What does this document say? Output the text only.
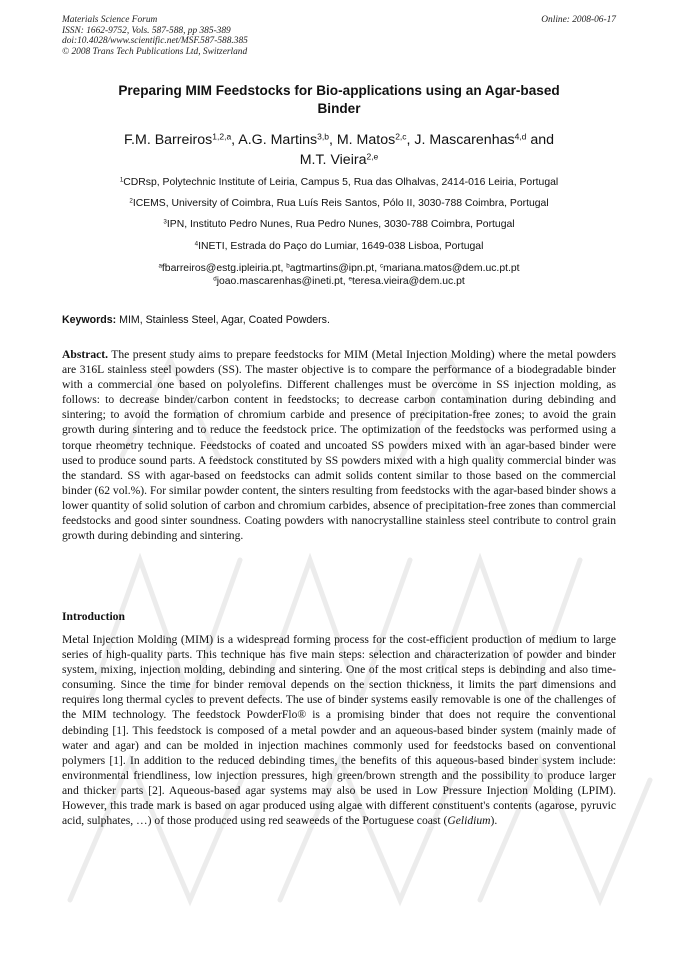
Materials Science Forum
ISSN: 1662-9752, Vols. 587-588, pp 385-389
doi:10.4028/www.scientific.net/MSF.587-588.385
© 2008 Trans Tech Publications Ltd, Switzerland
Online: 2008-06-17
Preparing MIM Feedstocks for Bio-applications using an Agar-based
Binder
F.M. Barreiros$^{1,2,a}$, A.G. Martins$^{3,b}$, M. Matos$^{2,c}$, J. Mascarenhas$^{4,d}$ and
M.T. Vieira$^{2,e}$
$^1$CDRsp, Polytechnic Institute of Leiria, Campus 5, Rua das Olhalvas, 2414-016 Leiria, Portugal
$^2$ICEMS, University of Coimbra, Rua Luís Reis Santos, Pólo II, 3030-788 Coimbra, Portugal
$^3$IPN, Instituto Pedro Nunes, Rua Pedro Nunes, 3030-788 Coimbra, Portugal
$^4$INETI, Estrada do Paço do Lumiar, 1649-038 Lisboa, Portugal
$^a$fbarreiros@estg.ipleiria.pt, $^b$agtmartins@ipn.pt, $^c$mariana.matos@dem.uc.pt.pt
$^d$joao.mascarenhas@ineti.pt, $^e$teresa.vieira@dem.uc.pt
Keywords: MIM, Stainless Steel, Agar, Coated Powders.
Abstract. The present study aims to prepare feedstocks for MIM (Metal Injection Molding) where the metal powders are 316L stainless steel powders (SS). The master objective is to compare the performance of a biodegradable binder with a commercial one based on polyolefins. Different challenges must be overcome in SS injection molding, as follows: to decrease binder/carbon content in feedstocks; to decrease carbon contamination during debinding and sintering; to avoid the formation of chromium carbide and presence of precipitation-free zones; to avoid the grain growth during sintering and to reduce the feedstock price. The optimization of the feedstocks was performed using a torque rheometry technique. Feedstocks of coated and uncoated SS powders mixed with an agar-based binder were used to produce sound parts. A feedstock constituted by SS powders mixed with a high quality commercial binder was the standard. SS with agar-based on feedstocks can admit solids content similar to those based on the commercial binder (62 vol.%). For similar powder content, the sinters resulting from feedstocks with the agar-based binder shows a lower quantity of solid solution of carbon and chromium carbides, absence of precipitation-free zones than commercial feedstocks and good sinter soundness. Coating powders with nanocrystalline stainless steel contribute to control grain growth during debinding and sintering.
Introduction
Metal Injection Molding (MIM) is a widespread forming process for the cost-efficient production of medium to large series of high-quality parts. This technique has five main steps: selection and characterization of powder and binder system, mixing, injection molding, debinding and sintering. One of the most critical steps is debinding and also time-consuming. Since the time for binder removal depends on the section thickness, it limits the part dimensions and requires long thermal cycles to prevent defects. The use of binder systems easily removable is one of the challenges of the MIM technology. The feedstock PowderFlo® is a promising binder that does not require the conventional debinding [1]. This feedstock is composed of a metal powder and an aqueous-based binder system (mainly made of water and agar) and can be molded in injection machines commonly used for feedstocks based on conventional polymers [1]. In addition to the reduced debinding times, the benefits of this aqueous-based binder system include: environmental friendliness, low injection pressures, high green/brown strength and the possibility to produce larger and thicker parts [2]. Aqueous-based agar systems may also be used in Low Pressure Injection Molding (LPIM). However, this trade mark is based on agar produced using algae with different constituent's contents (agarose, pyruvic acid, sulphates, …) of those produced using red seaweeds of the Portuguese coast (Gelidium).
